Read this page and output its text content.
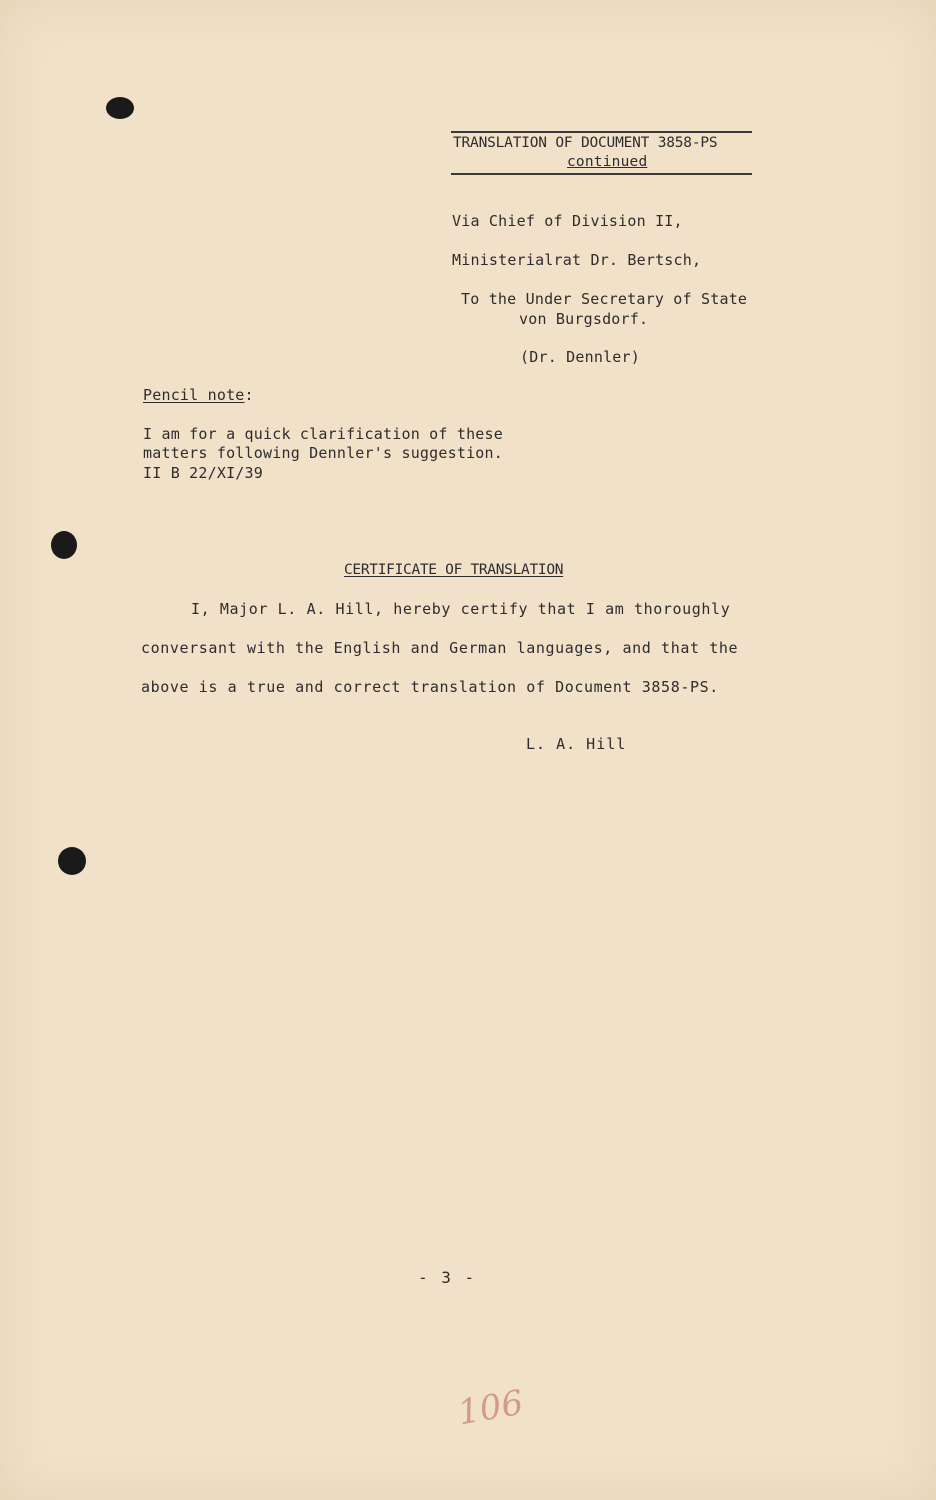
TRANSLATION OF DOCUMENT 3858-PS
continued
Via Chief of Division II,
Ministerialrat Dr. Bertsch,
To the Under Secretary of State
von Burgsdorf.
(Dr. Dennler)
Pencil note:
I am for a quick clarification of these
matters following Dennler's suggestion.
II B 22/XI/39
CERTIFICATE OF TRANSLATION
I, Major L. A. Hill, hereby certify that I am thoroughly
conversant with the English and German languages, and that the
above is a true and correct translation of Document 3858-PS.
L. A. Hill
- 3 -
106
